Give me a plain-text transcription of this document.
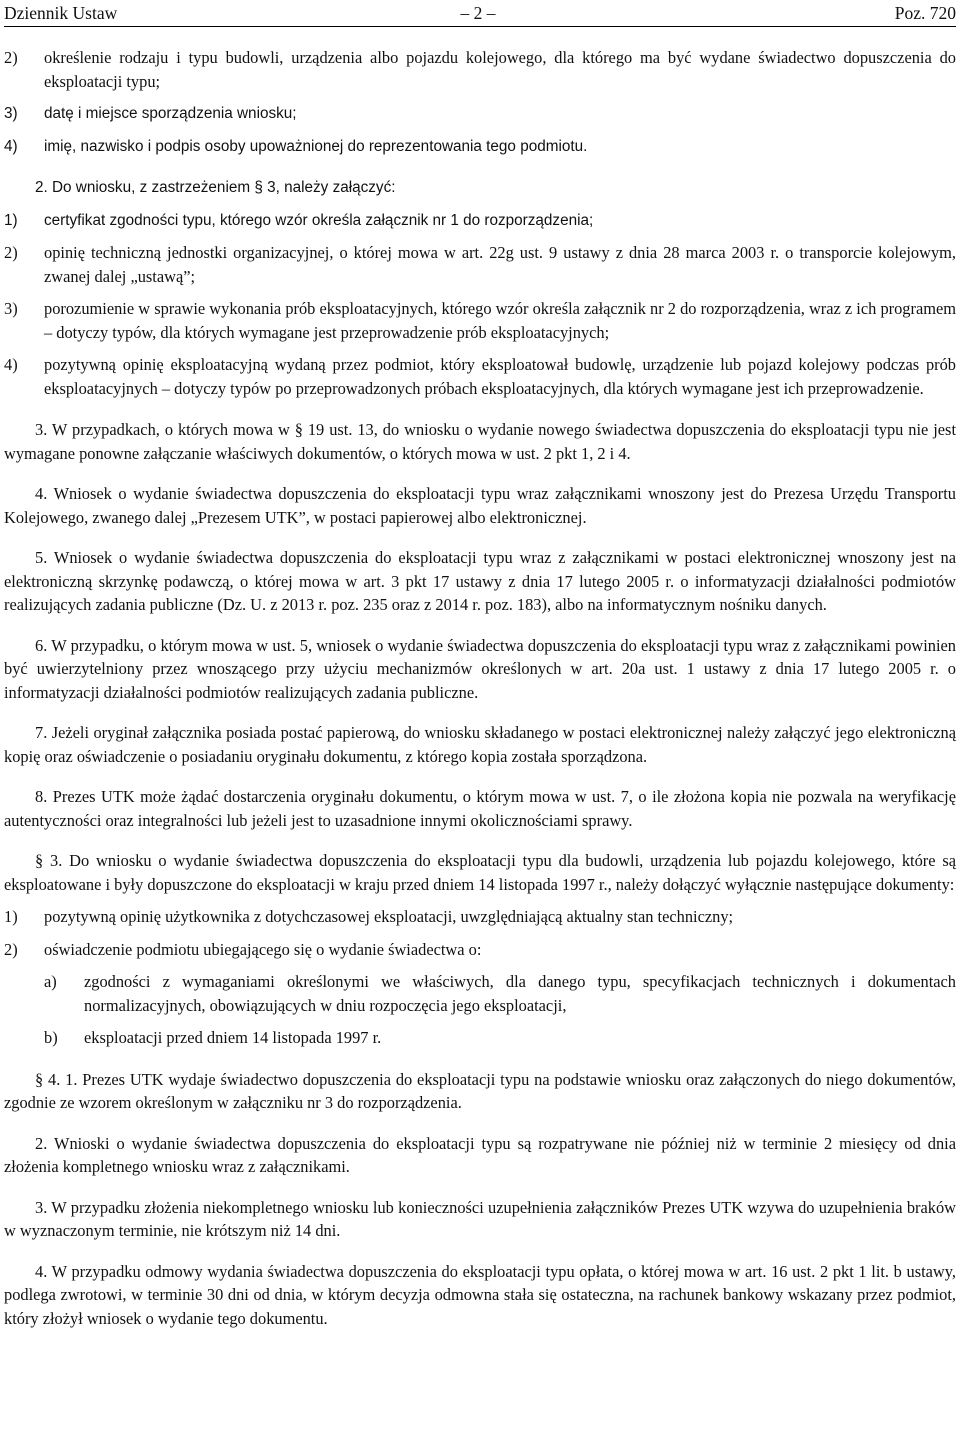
Dziennik Ustaw	– 2 –	Poz. 720
2)	określenie rodzaju i typu budowli, urządzenia albo pojazdu kolejowego, dla którego ma być wydane świadectwo dopuszczenia do eksploatacji typu;
3)	datę i miejsce sporządzenia wniosku;
4)	imię, nazwisko i podpis osoby upoważnionej do reprezentowania tego podmiotu.

2. Do wniosku, z zastrzeżeniem § 3, należy załączyć:

1)	certyfikat zgodności typu, którego wzór określa załącznik nr 1 do rozporządzenia;
2)	opinię techniczną jednostki organizacyjnej, o której mowa w art. 22g ust. 9 ustawy z dnia 28 marca 2003 r. o transporcie kolejowym, zwanej dalej „ustawą”;
3)	porozumienie w sprawie wykonania prób eksploatacyjnych, którego wzór określa załącznik nr 2 do rozporządzenia, wraz z ich programem – dotyczy typów, dla których wymagane jest przeprowadzenie prób eksploatacyjnych;
4)	pozytywną opinię eksploatacyjną wydaną przez podmiot, który eksploatował budowlę, urządzenie lub pojazd kolejowy podczas prób eksploatacyjnych – dotyczy typów po przeprowadzonych próbach eksploatacyjnych, dla których wymagane jest ich przeprowadzenie.

3. W przypadkach, o których mowa w § 19 ust. 13, do wniosku o wydanie nowego świadectwa dopuszczenia do eksploatacji typu nie jest wymagane ponowne załączanie właściwych dokumentów, o których mowa w ust. 2 pkt 1, 2 i 4.

4. Wniosek o wydanie świadectwa dopuszczenia do eksploatacji typu wraz załącznikami wnoszony jest do Prezesa Urzędu Transportu Kolejowego, zwanego dalej „Prezesem UTK”, w postaci papierowej albo elektronicznej.

5. Wniosek o wydanie świadectwa dopuszczenia do eksploatacji typu wraz z załącznikami w postaci elektronicznej wnoszony jest na elektroniczną skrzynkę podawczą, o której mowa w art. 3 pkt 17 ustawy z dnia 17 lutego 2005 r. o informatyzacji działalności podmiotów realizujących zadania publiczne (Dz. U. z 2013 r. poz. 235 oraz z 2014 r. poz. 183), albo na informatycznym nośniku danych.

6. W przypadku, o którym mowa w ust. 5, wniosek o wydanie świadectwa dopuszczenia do eksploatacji typu wraz z załącznikami powinien być uwierzytelniony przez wnoszącego przy użyciu mechanizmów określonych w art. 20a ust. 1 ustawy z dnia 17 lutego 2005 r. o informatyzacji działalności podmiotów realizujących zadania publiczne.

7. Jeżeli oryginał załącznika posiada postać papierową, do wniosku składanego w postaci elektronicznej należy załączyć jego elektroniczną kopię oraz oświadczenie o posiadaniu oryginału dokumentu, z którego kopia została sporządzona.

8. Prezes UTK może żądać dostarczenia oryginału dokumentu, o którym mowa w ust. 7, o ile złożona kopia nie pozwala na weryfikację autentyczności oraz integralności lub jeżeli jest to uzasadnione innymi okolicznościami sprawy.

§ 3. Do wniosku o wydanie świadectwa dopuszczenia do eksploatacji typu dla budowli, urządzenia lub pojazdu kolejowego, które są eksploatowane i były dopuszczone do eksploatacji w kraju przed dniem 14 listopada 1997 r., należy dołączyć wyłącznie następujące dokumenty:

1)	pozytywną opinię użytkownika z dotychczasowej eksploatacji, uwzględniającą aktualny stan techniczny;
2)	oświadczenie podmiotu ubiegającego się o wydanie świadectwa o:
a)	zgodności z wymaganiami określonymi we właściwych, dla danego typu, specyfikacjach technicznych i dokumentach normalizacyjnych, obowiązujących w dniu rozpoczęcia jego eksploatacji,
b)	eksploatacji przed dniem 14 listopada 1997 r.

§ 4. 1. Prezes UTK wydaje świadectwo dopuszczenia do eksploatacji typu na podstawie wniosku oraz załączonych do niego dokumentów, zgodnie ze wzorem określonym w załączniku nr 3 do rozporządzenia.

2. Wnioski o wydanie świadectwa dopuszczenia do eksploatacji typu są rozpatrywane nie później niż w terminie 2 miesięcy od dnia złożenia kompletnego wniosku wraz z załącznikami.

3. W przypadku złożenia niekompletnego wniosku lub konieczności uzupełnienia załączników Prezes UTK wzywa do uzupełnienia braków w wyznaczonym terminie, nie krótszym niż 14 dni.

4. W przypadku odmowy wydania świadectwa dopuszczenia do eksploatacji typu opłata, o której mowa w art. 16 ust. 2 pkt 1 lit. b ustawy, podlega zwrotowi, w terminie 30 dni od dnia, w którym decyzja odmowna stała się ostateczna, na rachunek bankowy wskazany przez podmiot, który złożył wniosek o wydanie tego dokumentu.
